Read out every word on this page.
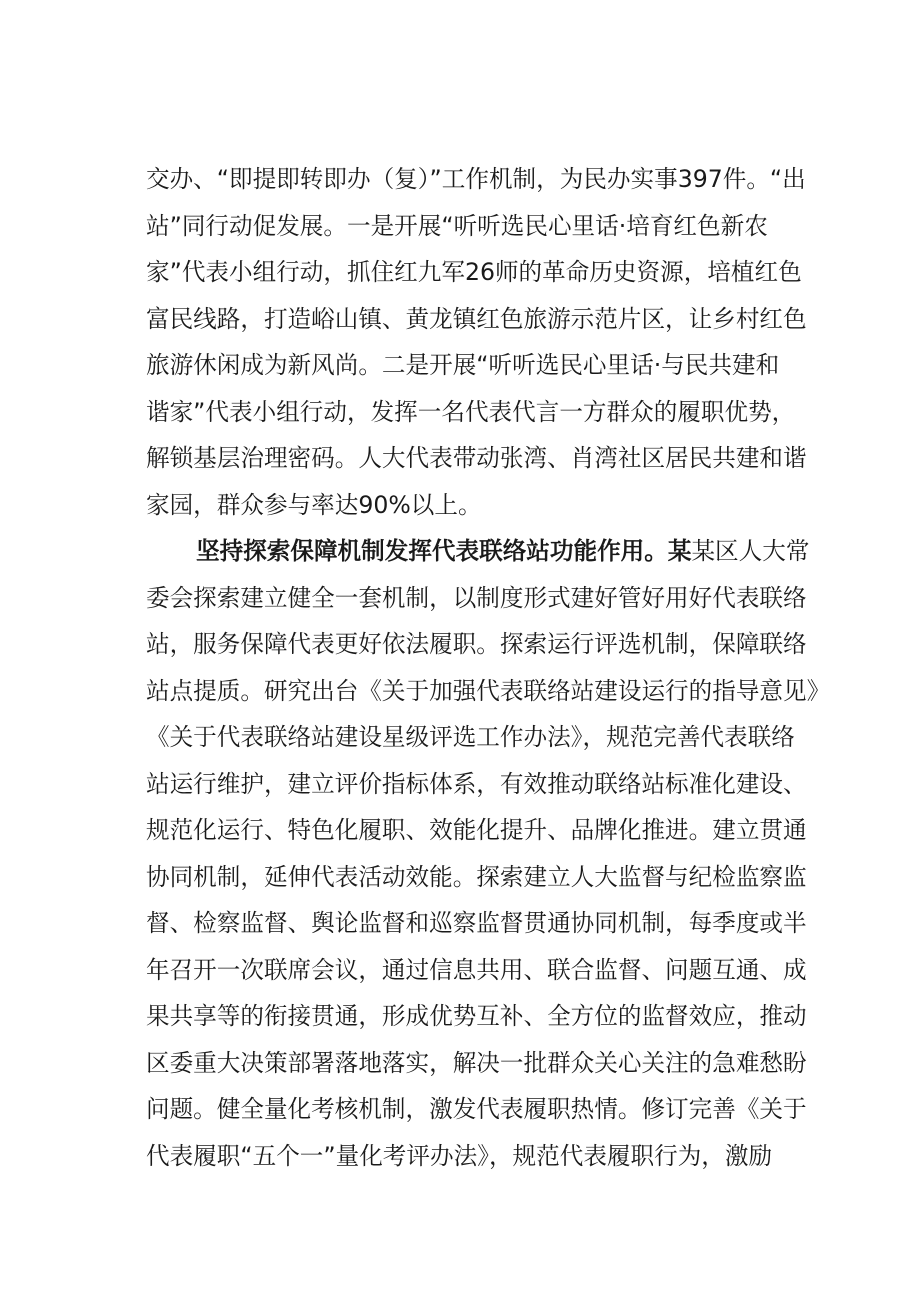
交办、“即提即转即办（复）”工作机制，为民办实事397件。“出
站”同行动促发展。一是开展“听听选民心里话·培育红色新农
家”代表小组行动，抓住红九军26师的革命历史资源，培植红色
富民线路，打造峪山镇、黄龙镇红色旅游示范片区，让乡村红色
旅游休闲成为新风尚。二是开展“听听选民心里话·与民共建和
谐家”代表小组行动，发挥一名代表代言一方群众的履职优势，
解锁基层治理密码。人大代表带动张湾、肖湾社区居民共建和谐
家园，群众参与率达90%以上。
坚持探索保障机制发挥代表联络站功能作用。某某区人大常
委会探索建立健全一套机制，以制度形式建好管好用好代表联络
站，服务保障代表更好依法履职。探索运行评选机制，保障联络
站点提质。研究出台《关于加强代表联络站建设运行的指导意见》
《关于代表联络站建设星级评选工作办法》，规范完善代表联络
站运行维护，建立评价指标体系，有效推动联络站标准化建设、
规范化运行、特色化履职、效能化提升、品牌化推进。建立贯通
协同机制，延伸代表活动效能。探索建立人大监督与纪检监察监
督、检察监督、舆论监督和巡察监督贯通协同机制，每季度或半
年召开一次联席会议，通过信息共用、联合监督、问题互通、成
果共享等的衔接贯通，形成优势互补、全方位的监督效应，推动
区委重大决策部署落地落实，解决一批群众关心关注的急难愁盼
问题。健全量化考核机制，激发代表履职热情。修订完善《关于
代表履职“五个一”量化考评办法》，规范代表履职行为，激励
